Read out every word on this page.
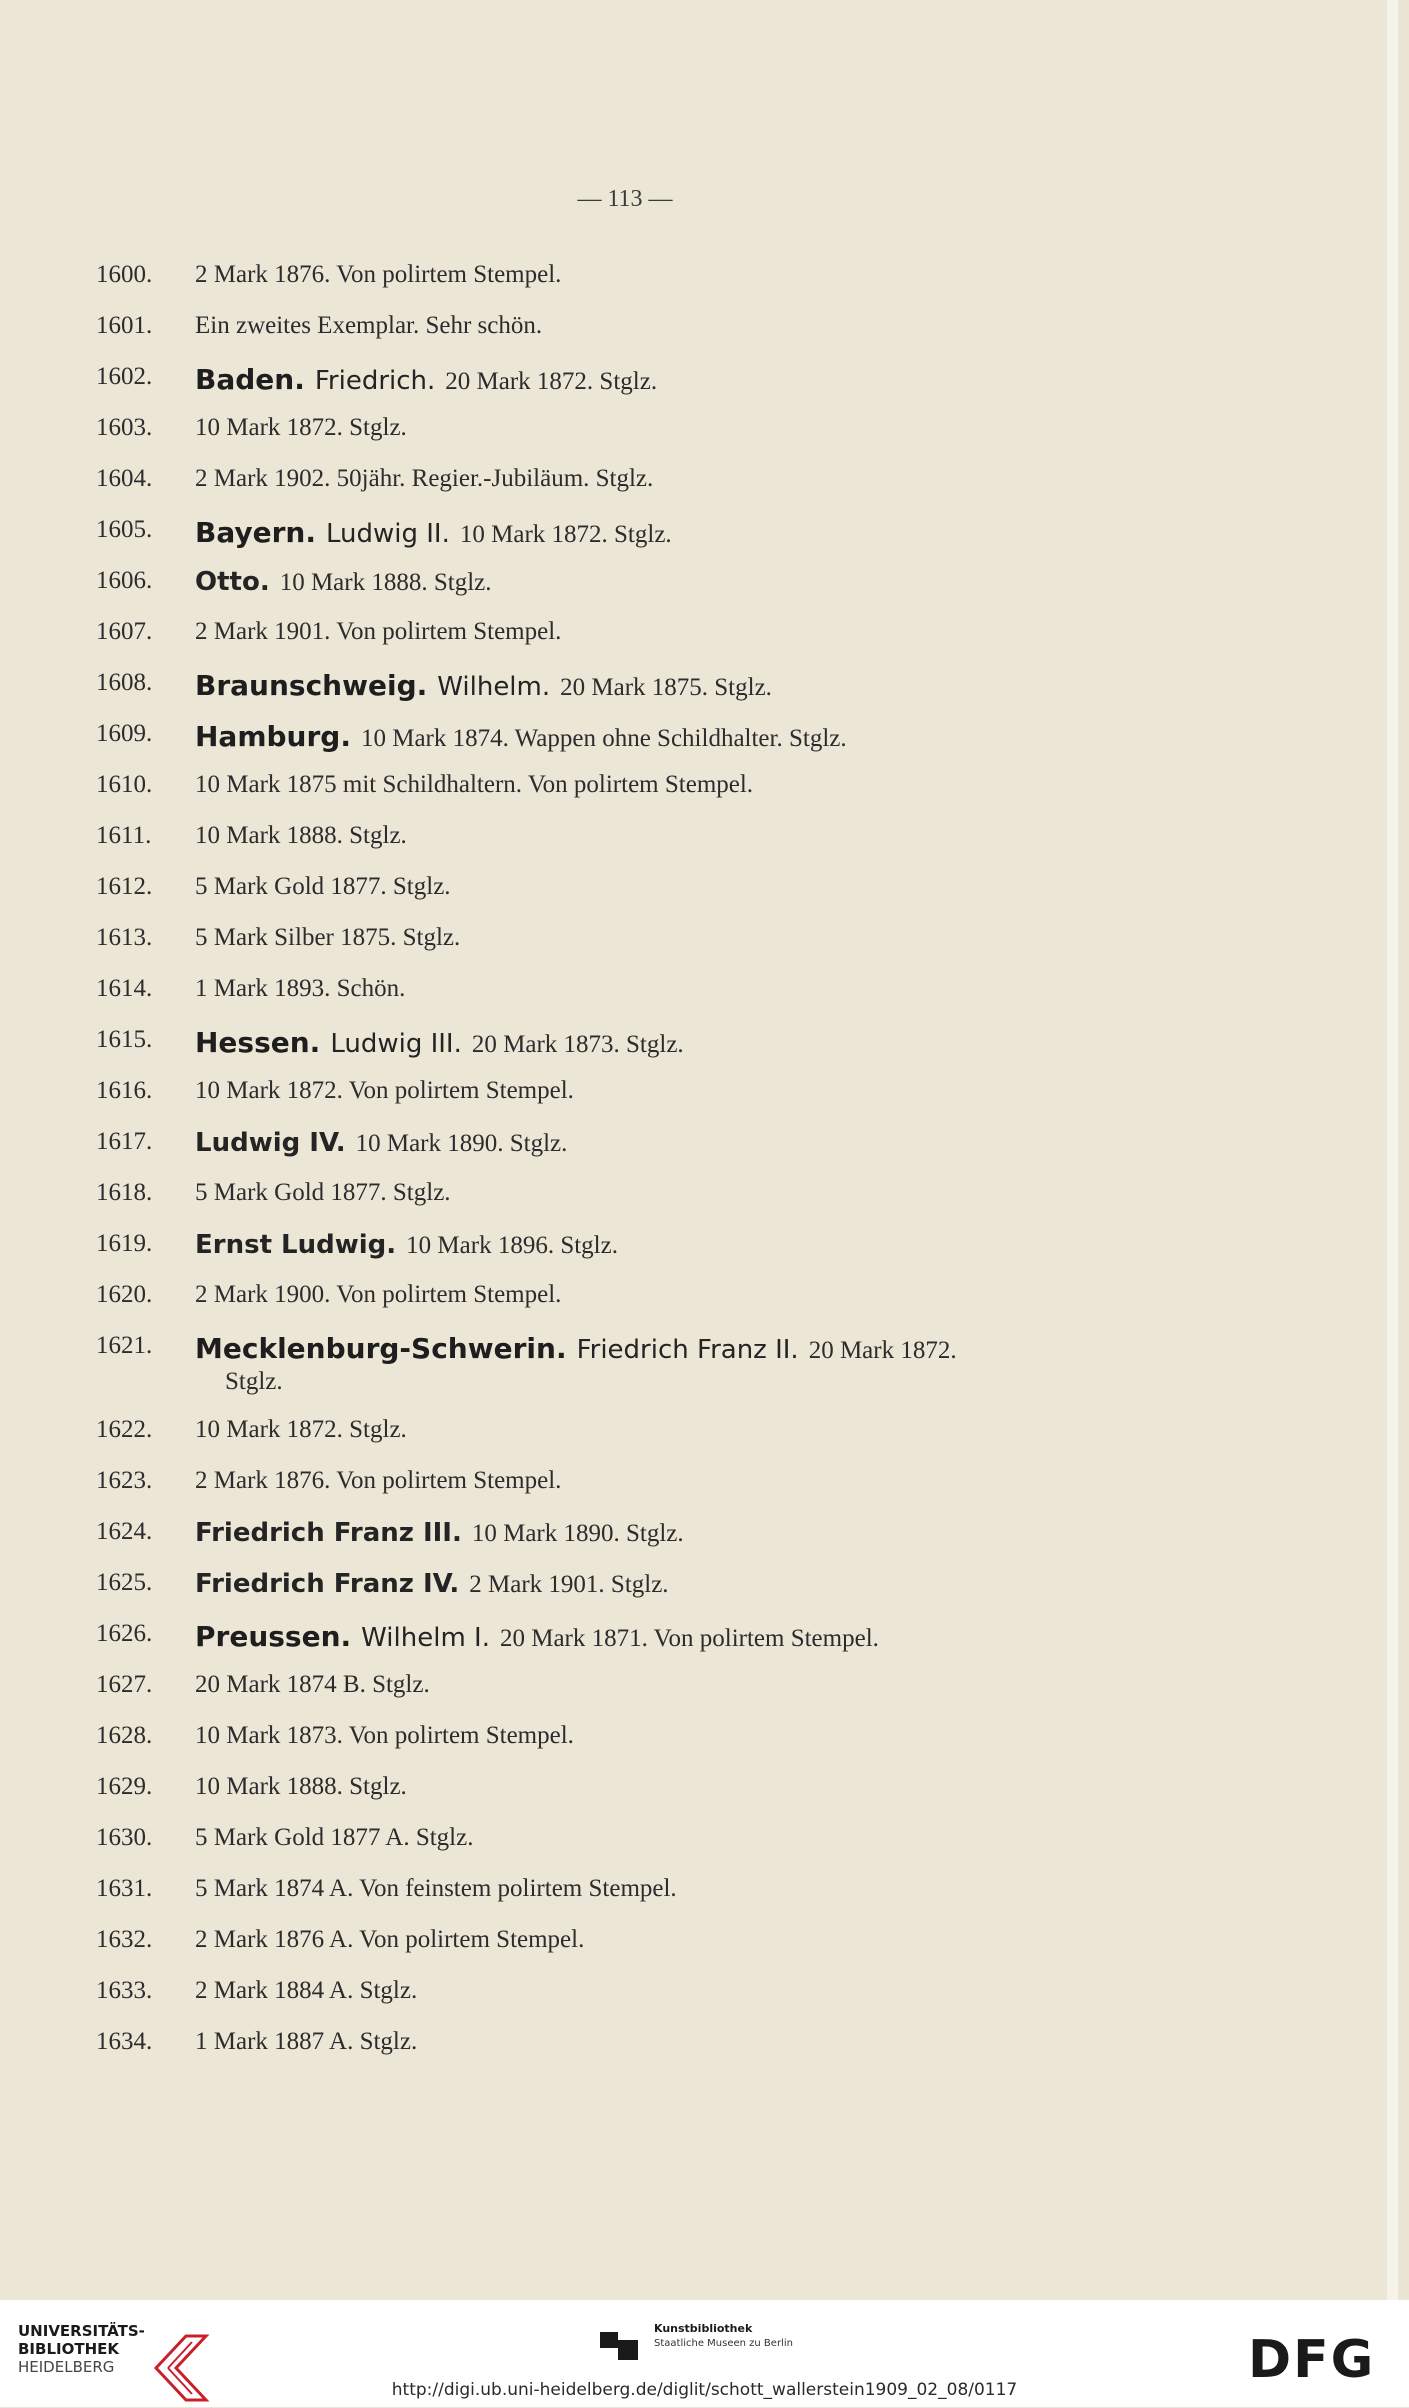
— 113 —
1600.	2 Mark 1876. Von polirtem Stempel.
1601.	Ein zweites Exemplar. Sehr schön.
1602.	Baden. Friedrich. 20 Mark 1872. Stglz.
1603.	10 Mark 1872. Stglz.
1604.	2 Mark 1902. 50jähr. Regier.-Jubiläum. Stglz.
1605.	Bayern. Ludwig II. 10 Mark 1872. Stglz.
1606.	Otto. 10 Mark 1888. Stglz.
1607.	2 Mark 1901. Von polirtem Stempel.
1608.	Braunschweig. Wilhelm. 20 Mark 1875. Stglz.
1609.	Hamburg. 10 Mark 1874. Wappen ohne Schildhalter. Stglz.
1610.	10 Mark 1875 mit Schildhaltern. Von polirtem Stempel.
1611.	10 Mark 1888. Stglz.
1612.	5 Mark Gold 1877. Stglz.
1613.	5 Mark Silber 1875. Stglz.
1614.	1 Mark 1893. Schön.
1615.	Hessen. Ludwig III. 20 Mark 1873. Stglz.
1616.	10 Mark 1872. Von polirtem Stempel.
1617.	Ludwig IV. 10 Mark 1890. Stglz.
1618.	5 Mark Gold 1877. Stglz.
1619.	Ernst Ludwig. 10 Mark 1896. Stglz.
1620.	2 Mark 1900. Von polirtem Stempel.
1621.	Mecklenburg-Schwerin. Friedrich Franz II. 20 Mark 1872.
Stglz.
1622.	10 Mark 1872. Stglz.
1623.	2 Mark 1876. Von polirtem Stempel.
1624.	Friedrich Franz III. 10 Mark 1890. Stglz.
1625.	Friedrich Franz IV. 2 Mark 1901. Stglz.
1626.	Preussen. Wilhelm I. 20 Mark 1871. Von polirtem Stempel.
1627.	20 Mark 1874 B. Stglz.
1628.	10 Mark 1873. Von polirtem Stempel.
1629.	10 Mark 1888. Stglz.
1630.	5 Mark Gold 1877 A. Stglz.
1631.	5 Mark 1874 A. Von feinstem polirtem Stempel.
1632.	2 Mark 1876 A. Von polirtem Stempel.
1633.	2 Mark 1884 A. Stglz.
1634.	1 Mark 1887 A. Stglz.
UNIVERSITÄTS-
BIBLIOTHEK
HEIDELBERG
Kunstbibliothek
Staatliche Museen zu Berlin	DFG
http://digi.ub.uni-heidelberg.de/diglit/schott_wallerstein1909_02_08/0117
